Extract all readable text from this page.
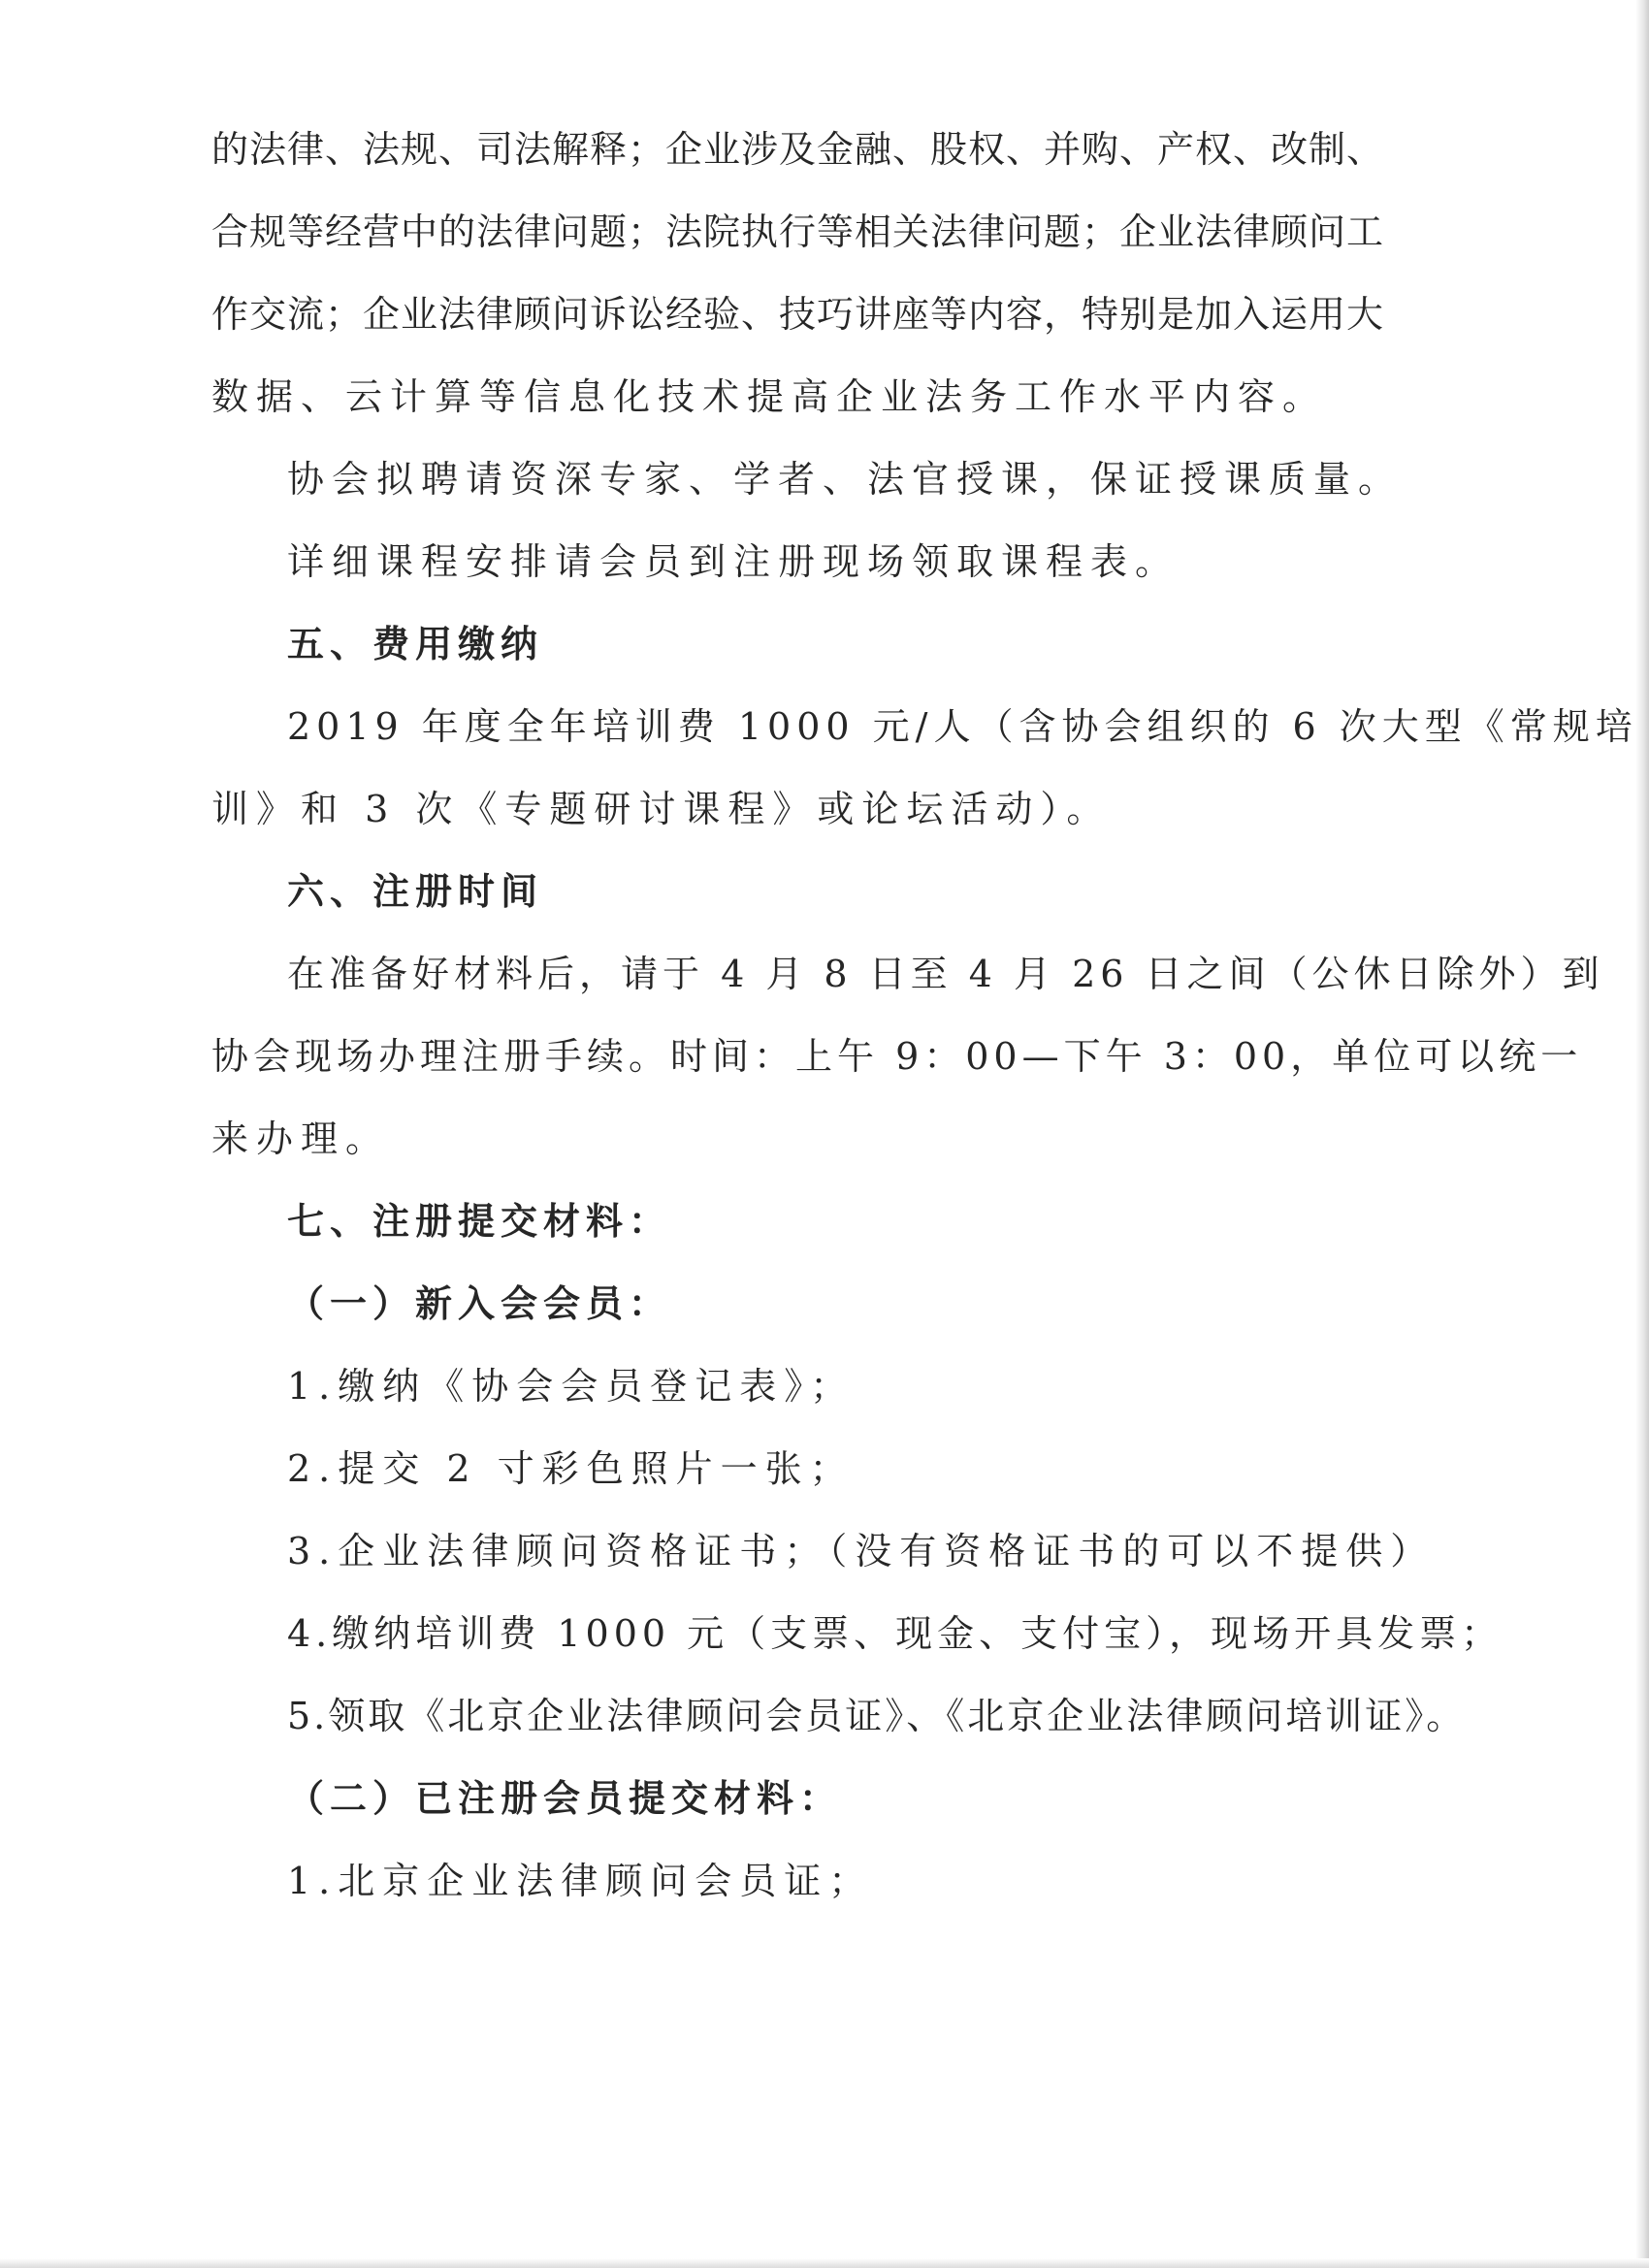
的法律、法规、司法解释；企业涉及金融、股权、并购、产权、改制、
合规等经营中的法律问题；法院执行等相关法律问题；企业法律顾问工
作交流；企业法律顾问诉讼经验、技巧讲座等内容，特别是加入运用大
数据、云计算等信息化技术提高企业法务工作水平内容。
协会拟聘请资深专家、学者、法官授课，保证授课质量。
详细课程安排请会员到注册现场领取课程表。
五、费用缴纳
2019 年度全年培训费 1000 元/人（含协会组织的 6 次大型《常规培
训》和 3 次《专题研讨课程》或论坛活动）。
六、注册时间
在准备好材料后，请于 4 月 8 日至 4 月 26 日之间（公休日除外）到
协会现场办理注册手续。时间：上午 9：00—下午 3：00，单位可以统一
来办理。
七、注册提交材料：
（一）新入会会员：
1.缴纳《协会会员登记表》；
2.提交 2 寸彩色照片一张；
3.企业法律顾问资格证书；（没有资格证书的可以不提供）
4.缴纳培训费 1000 元（支票、现金、支付宝），现场开具发票；
5.领取《北京企业法律顾问会员证》、《北京企业法律顾问培训证》。
（二）已注册会员提交材料：
1.北京企业法律顾问会员证；
